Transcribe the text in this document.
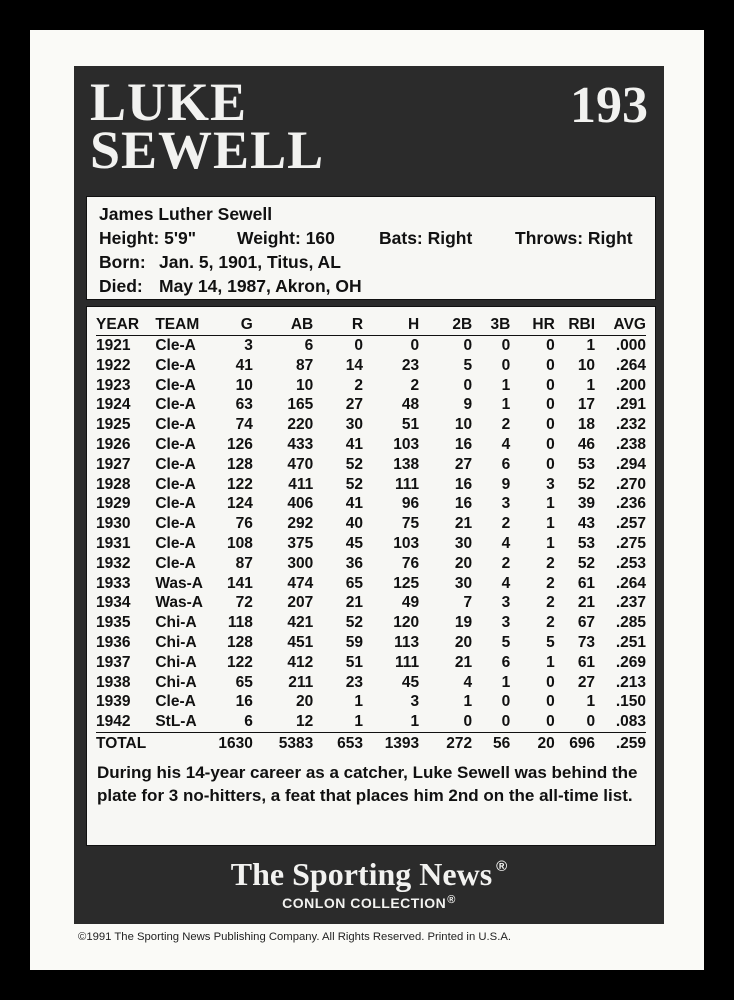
LUKE
SEWELL
193
James Luther Sewell
Height: 5'9"	Weight: 160	Bats: Right	Throws: Right
Born: Jan. 5, 1901, Titus, AL
Died: May 14, 1987, Akron, OH
YEAR	TEAM	G	AB	R	H	2B	3B	HR	RBI	AVG
1921	Cle-A	3	6	0	0	0	0	0	1	.000
1922	Cle-A	41	87	14	23	5	0	0	10	.264
1923	Cle-A	10	10	2	2	0	1	0	1	.200
1924	Cle-A	63	165	27	48	9	1	0	17	.291
1925	Cle-A	74	220	30	51	10	2	0	18	.232
1926	Cle-A	126	433	41	103	16	4	0	46	.238
1927	Cle-A	128	470	52	138	27	6	0	53	.294
1928	Cle-A	122	411	52	111	16	9	3	52	.270
1929	Cle-A	124	406	41	96	16	3	1	39	.236
1930	Cle-A	76	292	40	75	21	2	1	43	.257
1931	Cle-A	108	375	45	103	30	4	1	53	.275
1932	Cle-A	87	300	36	76	20	2	2	52	.253
1933	Was-A	141	474	65	125	30	4	2	61	.264
1934	Was-A	72	207	21	49	7	3	2	21	.237
1935	Chi-A	118	421	52	120	19	3	2	67	.285
1936	Chi-A	128	451	59	113	20	5	5	73	.251
1937	Chi-A	122	412	51	111	21	6	1	61	.269
1938	Chi-A	65	211	23	45	4	1	0	27	.213
1939	Cle-A	16	20	1	3	1	0	0	1	.150
1942	StL-A	6	12	1	1	0	0	0	0	.083
TOTAL		1630	5383	653	1393	272	56	20	696	.259
During his 14-year career as a catcher, Luke Sewell was behind the plate for 3 no-hitters, a feat that places him 2nd on the all-time list.
The Sporting News ®
CONLON COLLECTION ®
©1991 The Sporting News Publishing Company. All Rights Reserved. Printed in U.S.A.
